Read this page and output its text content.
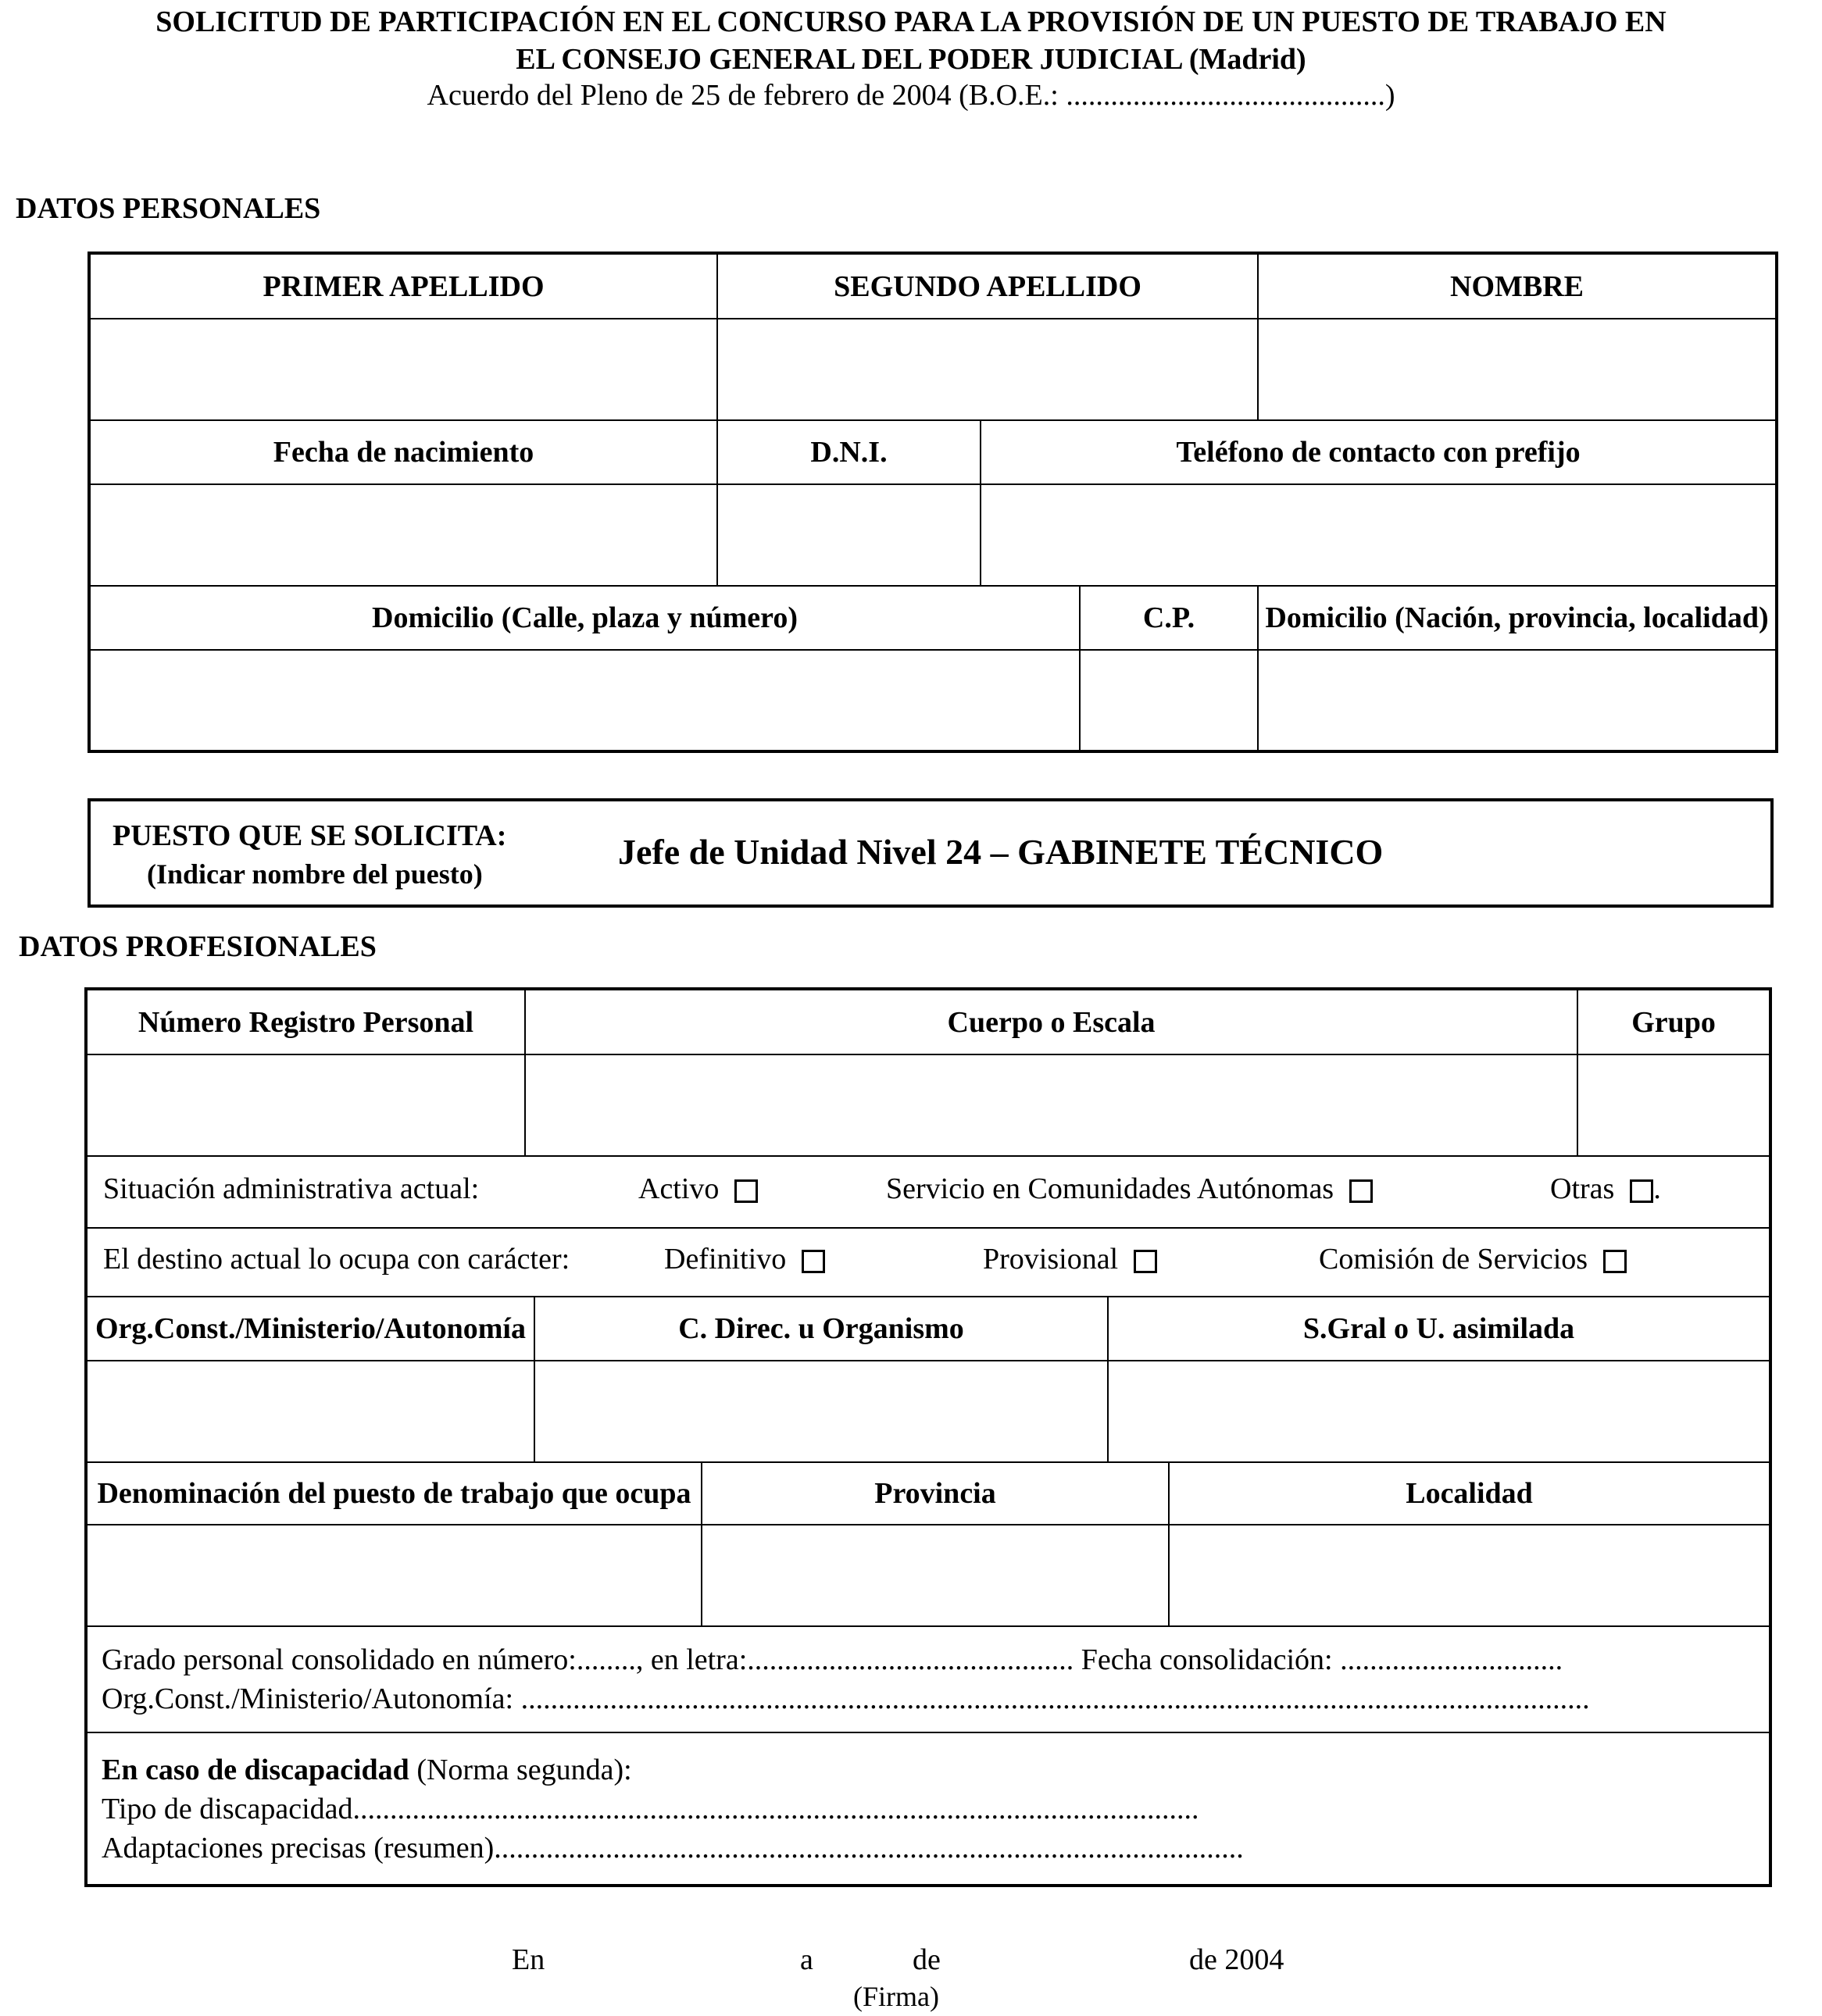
SOLICITUD DE PARTICIPACIÓN EN EL CONCURSO PARA LA PROVISIÓN DE UN PUESTO DE TRABAJO EN
EL CONSEJO GENERAL DEL PODER JUDICIAL (Madrid)
Acuerdo del Pleno de 25 de febrero de 2004 (B.O.E.: ...........................................)
DATOS PERSONALES
PRIMER APELLIDO	SEGUNDO APELLIDO			NOMBRE

Fecha de nacimiento	D.N.I.	Teléfono de contacto con prefijo		

Domicilio (Calle, plaza y número)			C.P.	Domicilio (Nación, provincia, localidad)

PUESTO QUE SE SOLICITA:
(Indicar nombre del puesto)
Jefe de Unidad Nivel 24 – GABINETE TÉCNICO
DATOS PROFESIONALES
Número Registro Personal	Cuerpo o Escala					Grupo

Situación administrativa actual: Activo Servicio en Comunidades Autónomas Otras .						

El destino actual lo ocupa con carácter: Definitivo Provisional Comisión de Servicios						

Org.Const./Ministerio/Autonomía		C. Direc. u Organismo		S.Gral o U. asimilada		

Denominación del puesto de trabajo que ocupa			Provincia		Localidad	

Grado personal consolidado en número:........, en letra:............................................ Fecha consolidación: ..............................
Org.Const./Ministerio/Autonomía: ................................................................................................................................................						

En caso de discapacidad (Norma segunda):
Tipo de discapacidad..................................................................................................................
Adaptaciones precisas (resumen).....................................................................................................						
En	a	de	de 2004
(Firma)
